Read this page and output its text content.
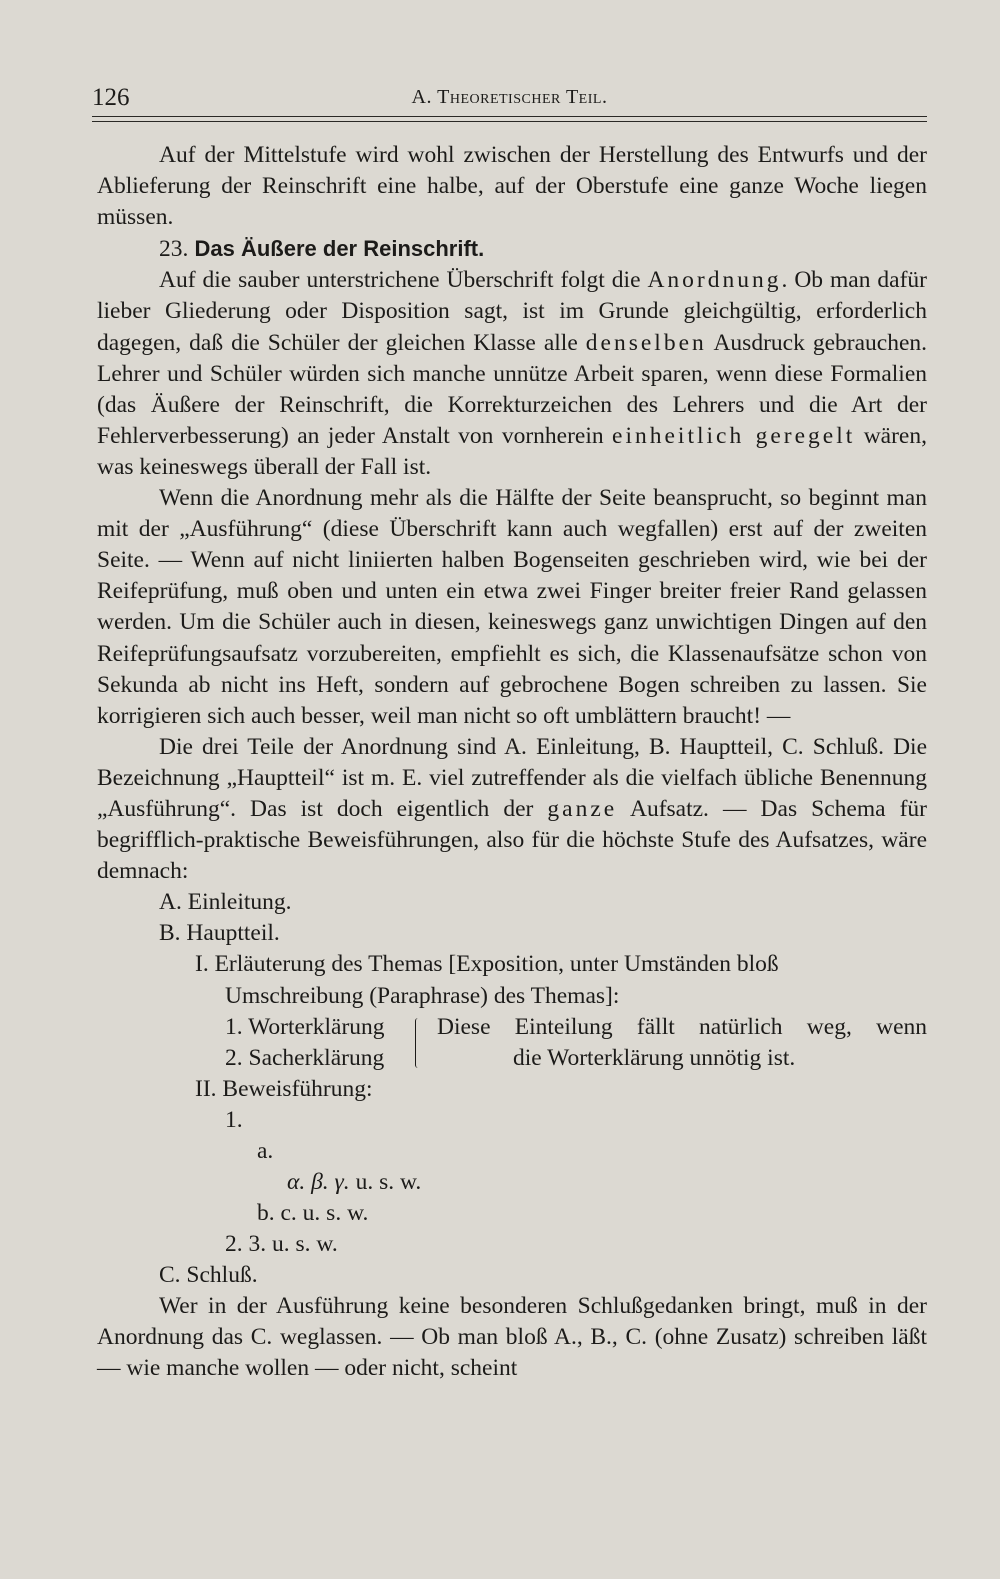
126	A. Theoretischer Teil.

Auf der Mittelstufe wird wohl zwischen der Herstellung des Entwurfs und der Ablieferung der Reinschrift eine halbe, auf der Oberstufe eine ganze Woche liegen müssen.

23. Das Äußere der Reinschrift.

Auf die sauber unterstrichene Überschrift folgt die Anordnung. Ob man dafür lieber Gliederung oder Disposition sagt, ist im Grunde gleichgültig, erforderlich dagegen, daß die Schüler der gleichen Klasse alle denselben Ausdruck gebrauchen. Lehrer und Schüler würden sich manche unnütze Arbeit sparen, wenn diese Formalien (das Äußere der Reinschrift, die Korrekturzeichen des Lehrers und die Art der Fehlerverbesserung) an jeder Anstalt von vornherein einheitlich geregelt wären, was keineswegs überall der Fall ist.

Wenn die Anordnung mehr als die Hälfte der Seite beansprucht, so beginnt man mit der „Ausführung“ (diese Überschrift kann auch wegfallen) erst auf der zweiten Seite. — Wenn auf nicht liniierten halben Bogenseiten geschrieben wird, wie bei der Reifeprüfung, muß oben und unten ein etwa zwei Finger breiter freier Rand gelassen werden. Um die Schüler auch in diesen, keineswegs ganz unwichtigen Dingen auf den Reifeprüfungsaufsatz vorzubereiten, empfiehlt es sich, die Klassenaufsätze schon von Sekunda ab nicht ins Heft, sondern auf gebrochene Bogen schreiben zu lassen. Sie korrigieren sich auch besser, weil man nicht so oft umblättern braucht! —

Die drei Teile der Anordnung sind A. Einleitung, B. Hauptteil, C. Schluß. Die Bezeichnung „Hauptteil“ ist m. E. viel zutreffender als die vielfach übliche Benennung „Ausführung“. Das ist doch eigentlich der ganze Aufsatz. — Das Schema für begrifflich-praktische Beweisführungen, also für die höchste Stufe des Aufsatzes, wäre demnach:

A. Einleitung.
B. Hauptteil.
I. Erläuterung des Themas [Exposition, unter Umständen bloß
Umschreibung (Paraphrase) des Themas]:
1. Worterklärung
2. Sacherklärung
Diese Einteilung fällt natürlich weg, wenn
die Worterklärung unnötig ist.
II. Beweisführung:
1.
a.
α. β. γ. u. s. w.
b. c. u. s. w.
2. 3. u. s. w.
C. Schluß.

Wer in der Ausführung keine besonderen Schlußgedanken bringt, muß in der Anordnung das C. weglassen. — Ob man bloß A., B., C. (ohne Zusatz) schreiben läßt — wie manche wollen — oder nicht, scheint
